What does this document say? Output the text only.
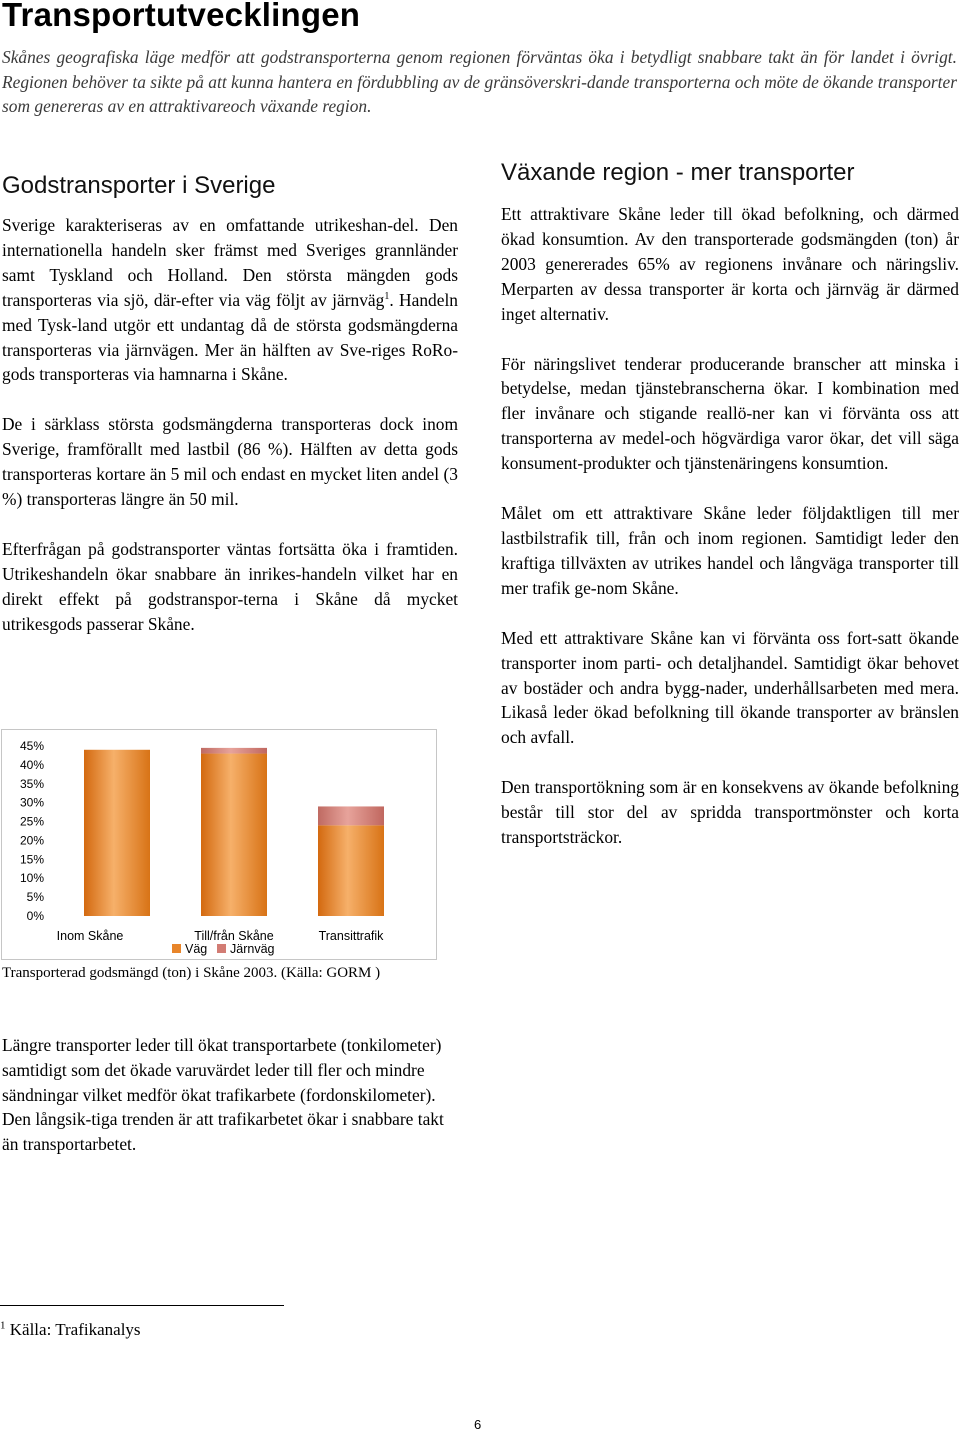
Transportutvecklingen

Skånes geografiska läge medför att godstransporterna genom regionen förväntas öka i betydligt snabbare takt än för landet i övrigt. Regionen behöver ta sikte på att kunna hantera en fördubbling av de gränsöverskri-dande transporterna och möte de ökande transporter som genereras av en attraktivareoch växande region.

Godstransporter i Sverige

Sverige karakteriseras av en omfattande utrikeshan-del. Den internationella handeln sker främst med Sveriges grannländer samt Tyskland och Holland. Den största mängden gods transporteras via sjö, där-efter via väg följt av järnväg$^1$. Handeln med Tysk-land utgör ett undantag då de största godsmängderna transporteras via järnvägen. Mer än hälften av Sve-riges RoRo-gods transporteras via hamnarna i Skåne.

De i särklass största godsmängderna transporteras dock inom Sverige, framförallt med lastbil (86 %). Hälften av detta gods transporteras kortare än 5 mil och endast en mycket liten andel (3 %) transporteras längre än 50 mil.

Efterfrågan på godstransporter väntas fortsätta öka i framtiden. Utrikeshandeln ökar snabbare än inrikes-handeln vilket har en direkt effekt på godstranspor-terna i Skåne då mycket utrikesgods passerar Skåne.

Växande region - mer transporter

Ett attraktivare Skåne leder till ökad befolkning, och därmed ökad konsumtion. Av den transporterade godsmängden (ton) år 2003 genererades 65% av regionens invånare och näringsliv. Merparten av dessa transporter är korta och järnväg är därmed inget alternativ.

För näringslivet tenderar producerande branscher att minska i betydelse, medan tjänstebranscherna ökar. I kombination med fler invånare och stigande reallö-ner kan vi förvänta oss att transporterna av medel-och högvärdiga varor ökar, det vill säga konsument-produkter och tjänstenäringens konsumtion.

Målet om ett attraktivare Skåne leder följdaktligen till mer lastbilstrafik till, från och inom regionen. Samtidigt leder den kraftiga tillväxten av utrikes handel och långväga transporter till mer trafik ge-nom Skåne.

Med ett attraktivare Skåne kan vi förvänta oss fort-satt ökande transporter inom parti- och detaljhandel. Samtidigt ökar behovet av bostäder och andra bygg-nader, underhållsarbeten med mera. Likaså leder ökad befolkning till ökande transporter av bränslen och avfall.

Den transportökning som är en konsekvens av ökande befolkning består till stor del av spridda transportmönster och korta transportsträckor.

0%
5%
10%
15%
20%
25%
30%
35%
40%
45%
Inom Skåne	Till/från Skåne	Transittrafik
Väg Järnväg
Transporterad godsmängd (ton) i Skåne 2003. (Källa: GORM )

Längre transporter leder till ökat transportarbete (tonkilometer) samtidigt som det ökade varuvärdet leder till fler och mindre sändningar vilket medför ökat trafikarbete (fordonskilometer). Den långsik-tiga trenden är att trafikarbetet ökar i snabbare takt än transportarbetet.

$^1$ Källa: Trafikanalys
6
